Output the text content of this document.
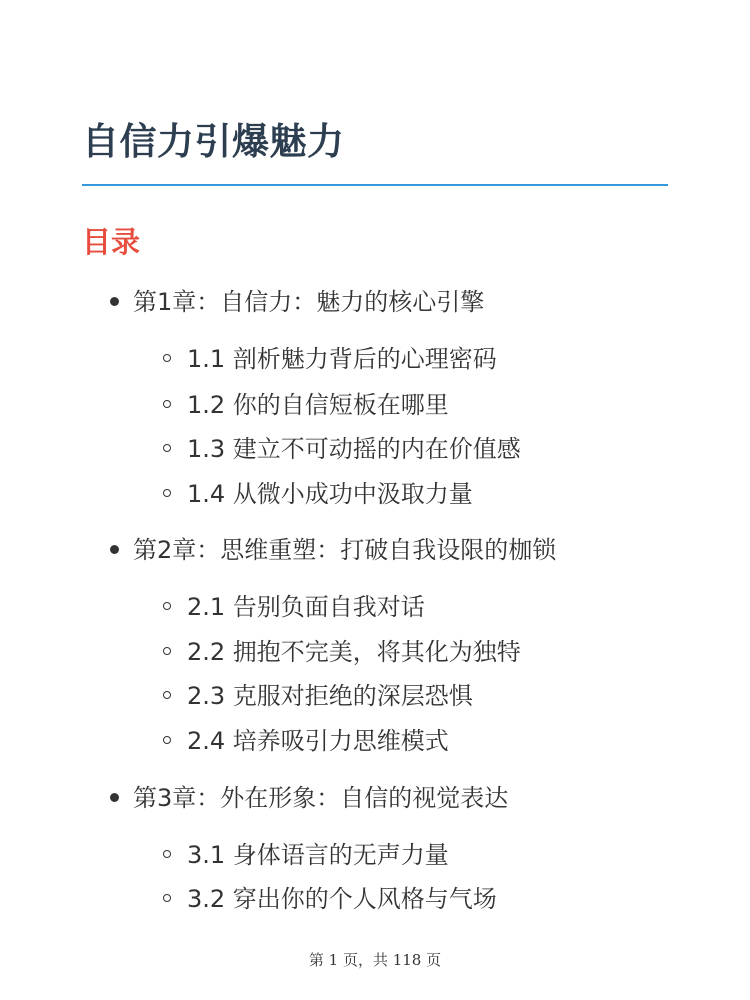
自信力引爆魅力
目录
第1章：自信力：魅力的核心引擎
1.1 剖析魅力背后的心理密码
1.2 你的自信短板在哪里
1.3 建立不可动摇的内在价值感
1.4 从微小成功中汲取力量
第2章：思维重塑：打破自我设限的枷锁
2.1 告别负面自我对话
2.2 拥抱不完美，将其化为独特
2.3 克服对拒绝的深层恐惧
2.4 培养吸引力思维模式
第3章：外在形象：自信的视觉表达
3.1 身体语言的无声力量
3.2 穿出你的个人风格与气场
第 1 页，共 118 页
